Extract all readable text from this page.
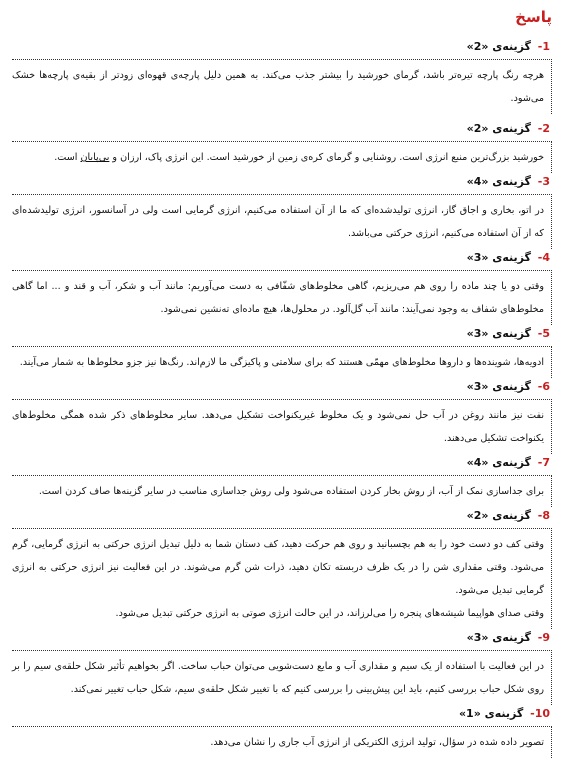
پاسخ
1- گزینه‌ی «2»
هرچه رنگ پارچه تیره‌تر باشد، گرمای خورشید را بیشتر جذب می‌کند. به همین دلیل پارچه‌ی قهوه‌ای زودتر از بقیه‌ی پارچه‌ها خشک می‌شود.
2- گزینه‌ی «2»
خورشید بزرگ‌ترین منبع انرژی است. روشنایی و گرمای کره‌ی زمین از خورشید است. این انرژی پاک، ارزان و بی‌پایان است.
3- گزینه‌ی «4»
در اتو، بخاری و اجاق گاز، انرژی تولیدشده‌ای که ما از آن استفاده می‌کنیم، انرژی گرمایی است ولی در آسانسور، انرژی تولیدشده‌ای که از آن استفاده می‌کنیم، انرژی حرکتی می‌باشد.
4- گزینه‌ی «3»
وقتی دو یا چند ماده را روی هم می‌ریزیم، گاهی مخلوط‌های شفّافی به دست می‌آوریم: مانند آب و شکر، آب و قند و ... اما گاهی مخلوط‌های شفاف به وجود نمی‌آیند: مانند آب گل‌آلود. در محلول‌ها، هیچ ماده‌ای ته‌نشین نمی‌شود.
5- گزینه‌ی «3»
ادویه‌ها، شوینده‌ها و داروها مخلوط‌های مهمّی هستند که برای سلامتی و پاکیزگی ما لازم‌اند. رنگ‌ها نیز جزو مخلوط‌ها به شمار می‌آیند.
6- گزینه‌ی «3»
نفت نیز مانند روغن در آب حل نمی‌شود و یک مخلوط غیریکنواخت تشکیل می‌دهد. سایر مخلوط‌های ذکر شده همگی مخلوط‌های یکنواخت تشکیل می‌دهند.
7- گزینه‌ی «4»
برای جداسازی نمک از آب، از روش بخار کردن استفاده می‌شود ولی روش جداسازی مناسب در سایر گزینه‌ها صاف کردن است.
8- گزینه‌ی «2»
وقتی کف دو دست خود را به هم بچسبانید و روی هم حرکت دهید، کف دستان شما به دلیل تبدیل انرژی حرکتی به انرژی گرمایی، گرم می‌شود. وقتی مقداری شن را در یک ظرف دربسته تکان دهید، ذرات شن گرم می‌شوند. در این فعالیت نیز انرژی حرکتی به انرژی گرمایی تبدیل می‌شود.
وقتی صدای هواپیما شیشه‌های پنجره را می‌لرزاند، در این حالت انرژی صوتی به انرژی حرکتی تبدیل می‌شود.
9- گزینه‌ی «3»
در این فعالیت با استفاده از یک سیم و مقداری آب و مایع دست‌شویی می‌توان حباب ساخت. اگر بخواهیم تأثیر شکل حلقه‌ی سیم را بر روی شکل حباب بررسی کنیم، باید این پیش‌بینی را بررسی کنیم که با تغییر شکل حلقه‌ی سیم، شکل حباب تغییر نمی‌کند.
10- گزینه‌ی «1»
تصویر داده شده در سؤال، تولید انرژی الکتریکی از انرژی آب جاری را نشان می‌دهد.
